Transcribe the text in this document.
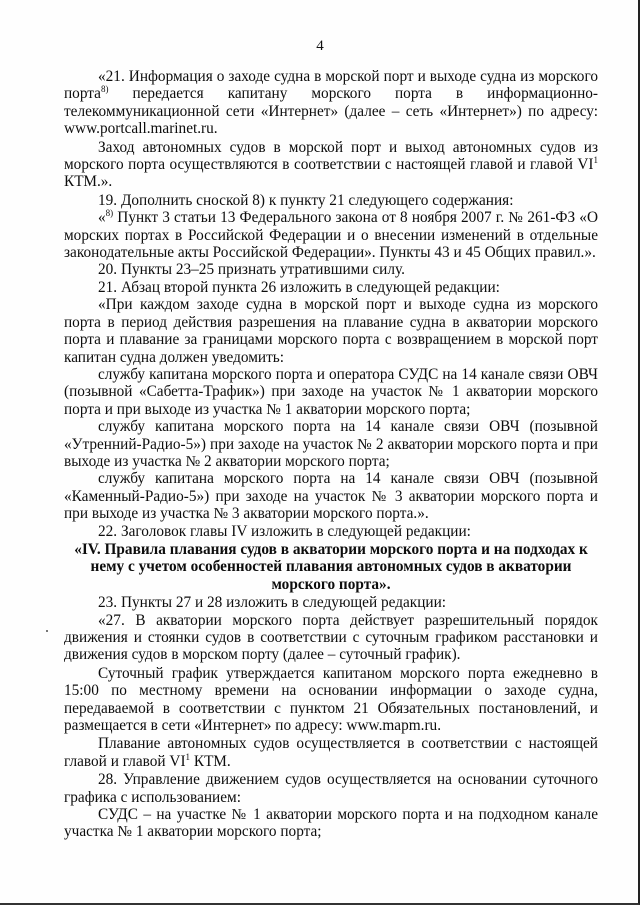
4

«21. Информация о заходе судна в морской порт и выходе судна из морского порта$^{8)}$ передается капитану морского порта в информационно-телекоммуникационной сети «Интернет» (далее – сеть «Интернет») по адресу: www.portcall.marinet.ru.

Заход автономных судов в морской порт и выход автономных судов из морского порта осуществляются в соответствии с настоящей главой и главой $VI^1$ КТМ.».

19. Дополнить сноской 8) к пункту 21 следующего содержания:

«$^{8)}$ Пункт 3 статьи 13 Федерального закона от 8 ноября 2007 г. № 261-ФЗ «О морских портах в Российской Федерации и о внесении изменений в отдельные законодательные акты Российской Федерации». Пункты 43 и 45 Общих правил.».

20. Пункты 23–25 признать утратившими силу.

21. Абзац второй пункта 26 изложить в следующей редакции:

«При каждом заходе судна в морской порт и выходе судна из морского порта в период действия разрешения на плавание судна в акватории морского порта и плавание за границами морского порта с возвращением в морской порт капитан судна должен уведомить:

службу капитана морского порта и оператора СУДС на 14 канале связи ОВЧ (позывной «Сабетта-Трафик») при заходе на участок № 1 акватории морского порта и при выходе из участка № 1 акватории морского порта;

службу капитана морского порта на 14 канале связи ОВЧ (позывной «Утренний-Радио-5») при заходе на участок № 2 акватории морского порта и при выходе из участка № 2 акватории морского порта;

службу капитана морского порта на 14 канале связи ОВЧ (позывной «Каменный-Радио-5») при заходе на участок № 3 акватории морского порта и при выходе из участка № 3 акватории морского порта.».

22. Заголовок главы IV изложить в следующей редакции:

«IV. Правила плавания судов в акватории морского порта и на подходах к нему с учетом особенностей плавания автономных судов в акватории морского порта».

23. Пункты 27 и 28 изложить в следующей редакции:

«27. В акватории морского порта действует разрешительный порядок движения и стоянки судов в соответствии с суточным графиком расстановки и движения судов в морском порту (далее – суточный график).

Суточный график утверждается капитаном морского порта ежедневно в 15:00 по местному времени на основании информации о заходе судна, передаваемой в соответствии с пунктом 21 Обязательных постановлений, и размещается в сети «Интернет» по адресу: www.mapm.ru.

Плавание автономных судов осуществляется в соответствии с настоящей главой и главой $VI^1$ КТМ.

28. Управление движением судов осуществляется на основании суточного графика с использованием:

СУДС – на участке № 1 акватории морского порта и на подходном канале участка № 1 акватории морского порта;
